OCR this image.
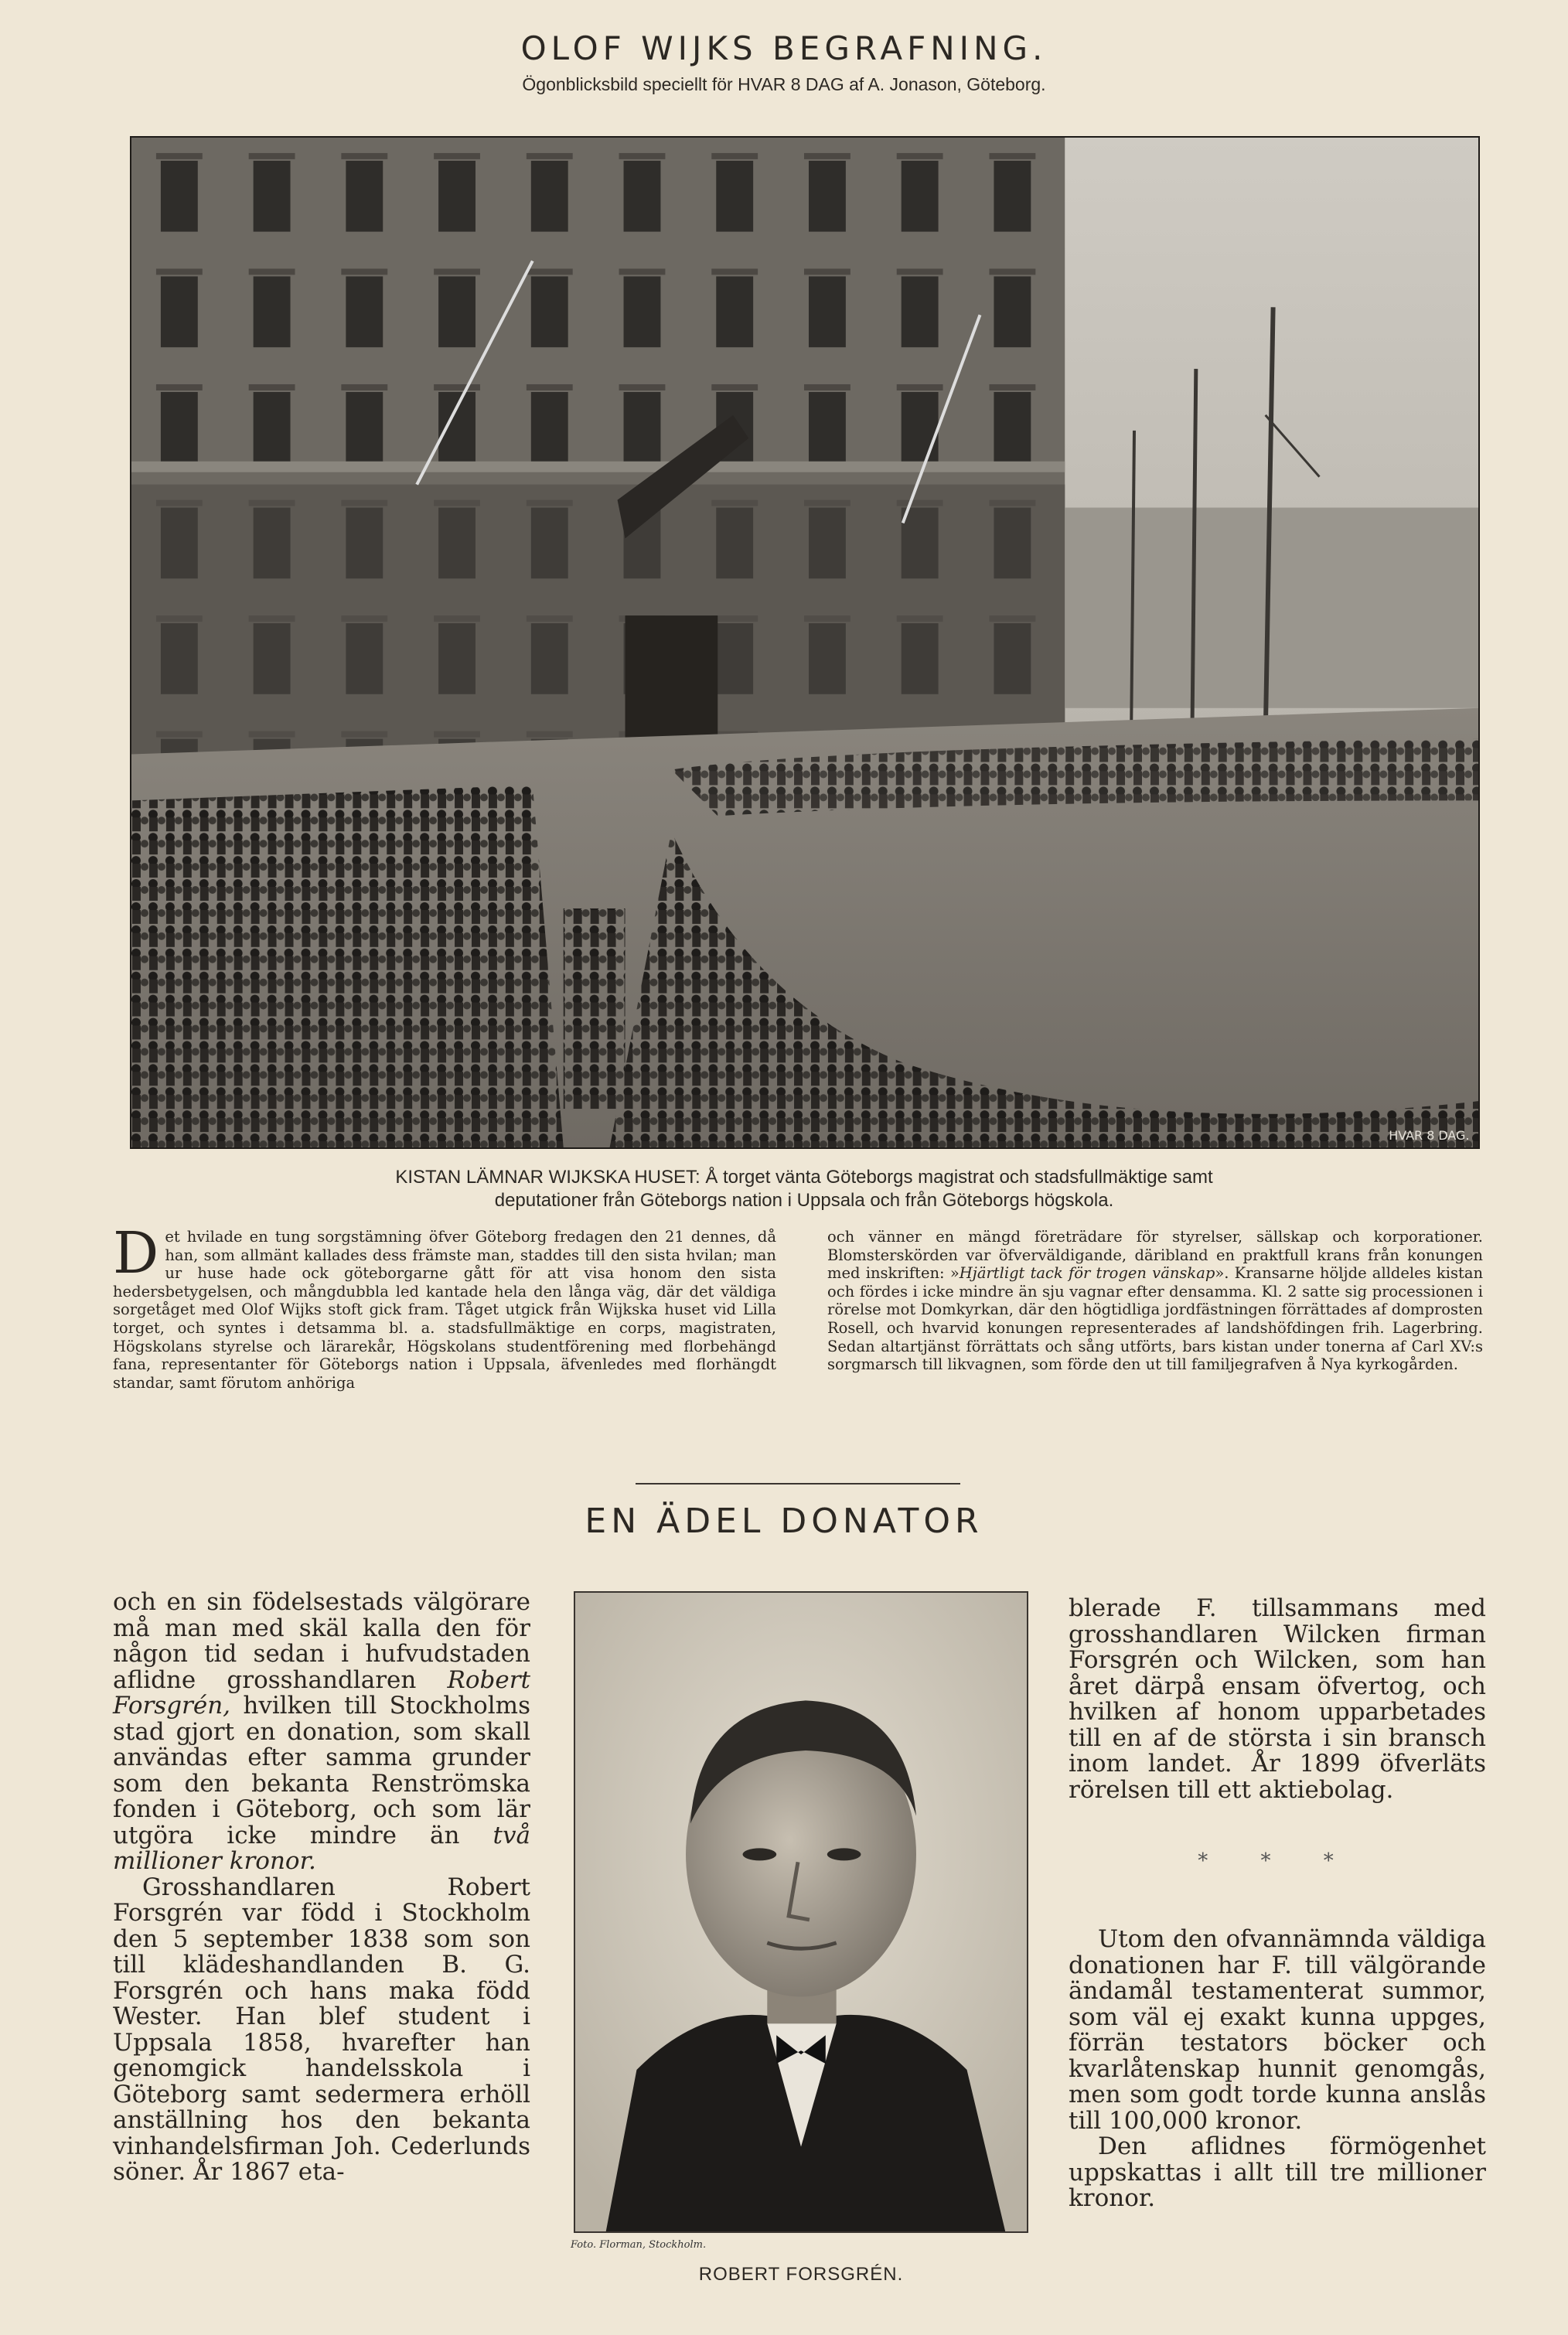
OLOF WIJKS BEGRAFNING.
Ögonblicksbild speciellt för HVAR 8 DAG af A. Jonason, Göteborg.
HVAR 8 DAG.
KISTAN LÄMNAR WIJKSKA HUSET: Å torget vänta Göteborgs magistrat och stadsfullmäktige samt
deputationer från Göteborgs nation i Uppsala och från Göteborgs högskola.
Det hvilade en tung sorgstämning öfver Göteborg fredagen den 21 dennes, då han, som allmänt kallades dess främste man, staddes till den sista hvilan; man ur huse hade ock göteborgarne gått för att visa honom den sista hedersbetygelsen, och mångdubbla led kantade hela den långa väg, där det väldiga sorgetåget med Olof Wijks stoft gick fram. Tåget utgick från Wijkska huset vid Lilla torget, och syntes i detsamma bl. a. stadsfullmäktige en corps, magistraten, Högskolans styrelse och lärarekår, Högskolans studentförening med florbehängd fana, representanter för Göteborgs nation i Uppsala, äfvenledes med florhängdt standar, samt förutom anhöriga
och vänner en mängd företrädare för styrelser, sällskap och korporationer. Blomsterskörden var öfverväldigande, däribland en praktfull krans från konungen med inskriften: »Hjärtligt tack för trogen vänskap». Kransarne höljde alldeles kistan och fördes i icke mindre än sju vagnar efter densamma. Kl. 2 satte sig processionen i rörelse mot Domkyrkan, där den högtidliga jordfästningen förrättades af domprosten Rosell, och hvarvid konungen representerades af landshöfdingen frih. Lagerbring. Sedan altartjänst förrättats och sång utförts, bars kistan under tonerna af Carl XV:s sorgmarsch till likvagnen, som förde den ut till familjegrafven å Nya kyrkogården.
EN ÄDEL DONATOR

och en sin födelsestads välgörare må man med skäl kalla den för någon tid sedan i hufvudstaden aflidne grosshandlaren Robert Forsgrén, hvilken till Stockholms stad gjort en donation, som skall användas efter samma grunder som den bekanta Renströmska fonden i Göteborg, och som lär utgöra icke mindre än två millioner kronor.

Grosshandlaren Robert Forsgrén var född i Stockholm den 5 september 1838 som son till klädeshandlanden B. G. Forsgrén och hans maka född Wester. Han blef student i Uppsala 1858, hvarefter han genomgick handelsskola i Göteborg samt sedermera erhöll anställning hos den bekanta vinhandelsfirman Joh. Cederlunds söner. År 1867 eta-

Foto. Florman, Stockholm.
ROBERT FORSGRÉN.

blerade F. tillsammans med grosshandlaren Wilcken firman Forsgrén och Wilcken, som han året därpå ensam öfvertog, och hvilken af honom upparbetades till en af de största i sin bransch inom landet. År 1899 öfverläts rörelsen till ett aktiebolag.

* * *

Utom den ofvannämnda väldiga donationen har F. till välgörande ändamål testamenterat summor, som väl ej exakt kunna uppges, förrän testators böcker och kvarlåtenskap hunnit genomgås, men som godt torde kunna anslås till 100,000 kronor.

Den aflidnes förmögenhet uppskattas i allt till tre millioner kronor.
